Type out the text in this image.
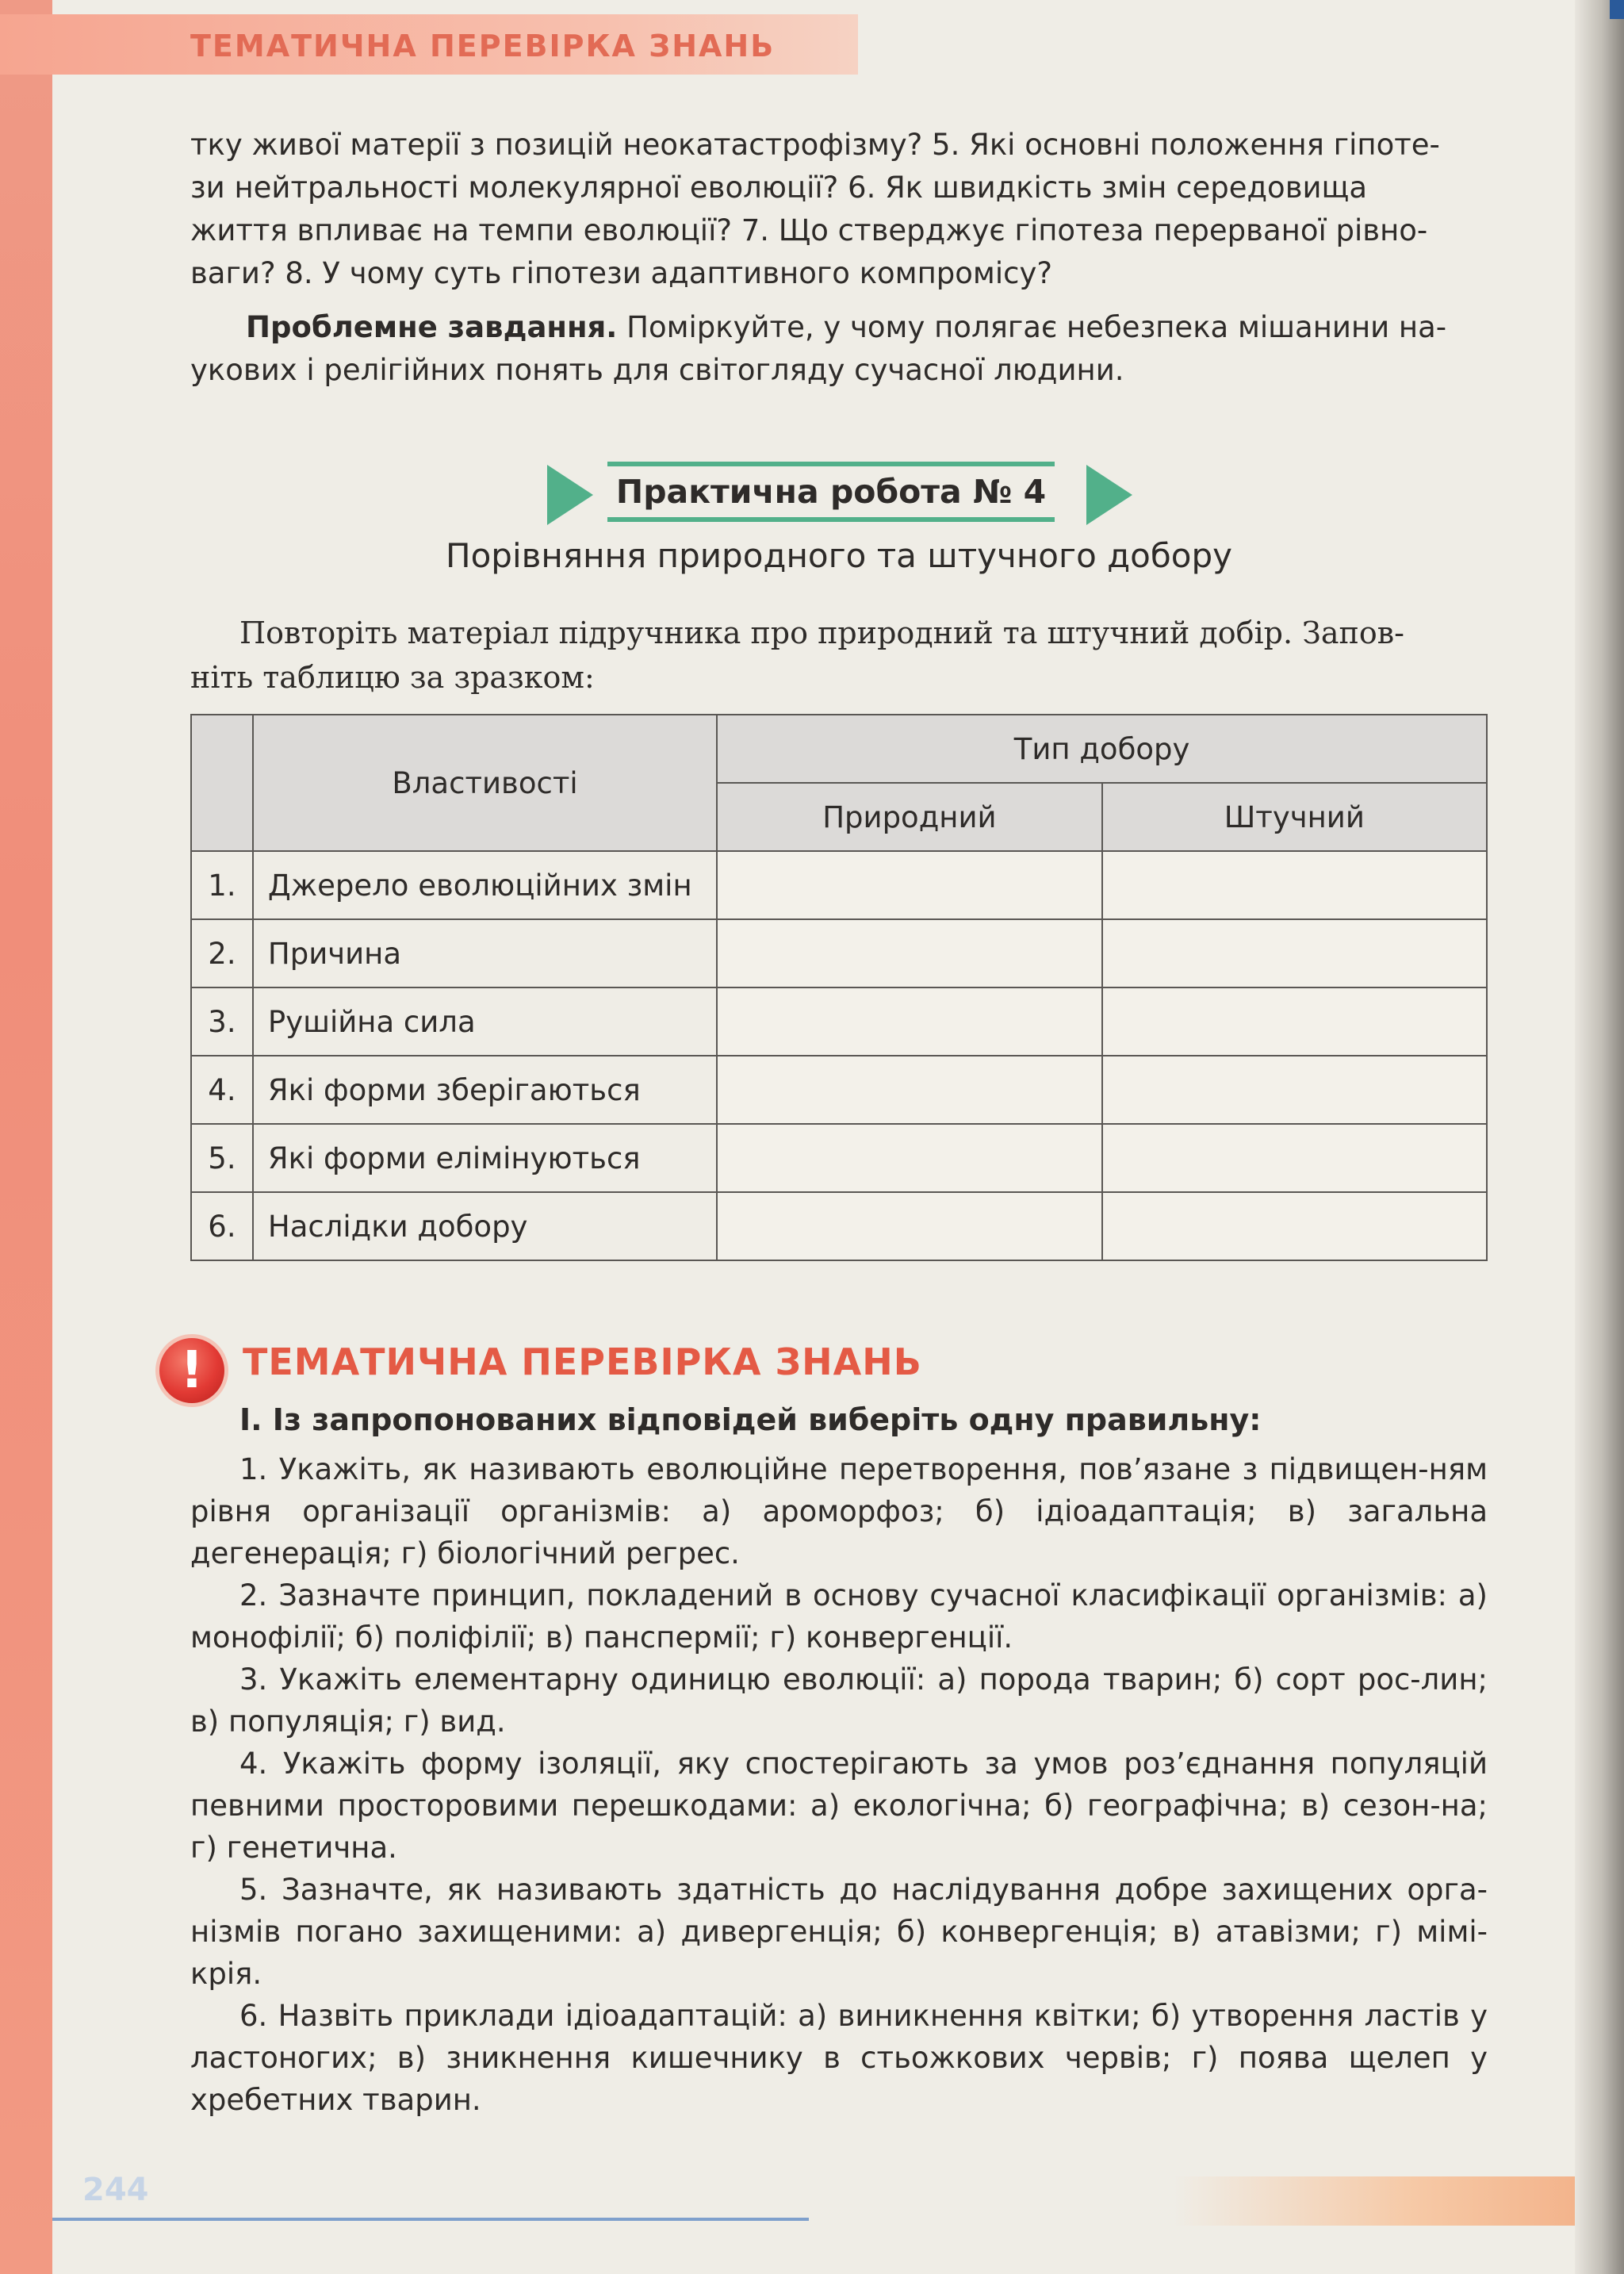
ТЕМАТИЧНА ПЕРЕВІРКА ЗНАНЬ

тку живої матерії з позицій неокатастрофізму? 5. Які основні положення гіпоте-

зи нейтральності молекулярної еволюції? 6. Як швидкість змін середовища

життя впливає на темпи еволюції? 7. Що стверджує гіпотеза перерваної рівно-

ваги? 8. У чому суть гіпотези адаптивного компромісу?

Проблемне завдання. Поміркуйте, у чому полягає небезпека мішанини на-

укових і релігійних понять для світогляду сучасної людини.

Практична робота № 4
Порівняння природного та штучного добору

Повторіть матеріал підручника про природний та штучний добір. Запов-

ніть таблицю за зразком:

	Властивості	Тип добору	
		Природний	Штучний
1.	Джерело еволюційних змін		
2.	Причина		
3.	Рушійна сила		
4.	Які форми зберігаються		
5.	Які форми елімінуються		
6.	Наслідки добору		
!	ТЕМАТИЧНА ПЕРЕВІРКА ЗНАНЬ
І. Із запропонованих відповідей виберіть одну правильну:

1. Укажіть, як називають еволюційне перетворення, пов’язане з підвищен-ням рівня організації організмів: а) ароморфоз; б) ідіоадаптація; в) загальна дегенерація; г) біологічний регрес.

2. Зазначте принцип, покладений в основу сучасної класифікації організмів: а) монофілії; б) поліфілії; в) панспермії; г) конвергенції.

3. Укажіть елементарну одиницю еволюції: а) порода тварин; б) сорт рос-лин; в) популяція; г) вид.

4. Укажіть форму ізоляції, яку спостерігають за умов роз’єднання популяцій певними просторовими перешкодами: а) екологічна; б) географічна; в) сезон-на; г) генетична.

5. Зазначте, як називають здатність до наслідування добре захищених орга-нізмів погано захищеними: а) дивергенція; б) конвергенція; в) атавізми; г) мімі-крія.

6. Назвіть приклади ідіоадаптацій: а) виникнення квітки; б) утворення ластів у ластоногих; в) зникнення кишечнику в стьожкових червів; г) поява щелеп у хребетних тварин.

244
